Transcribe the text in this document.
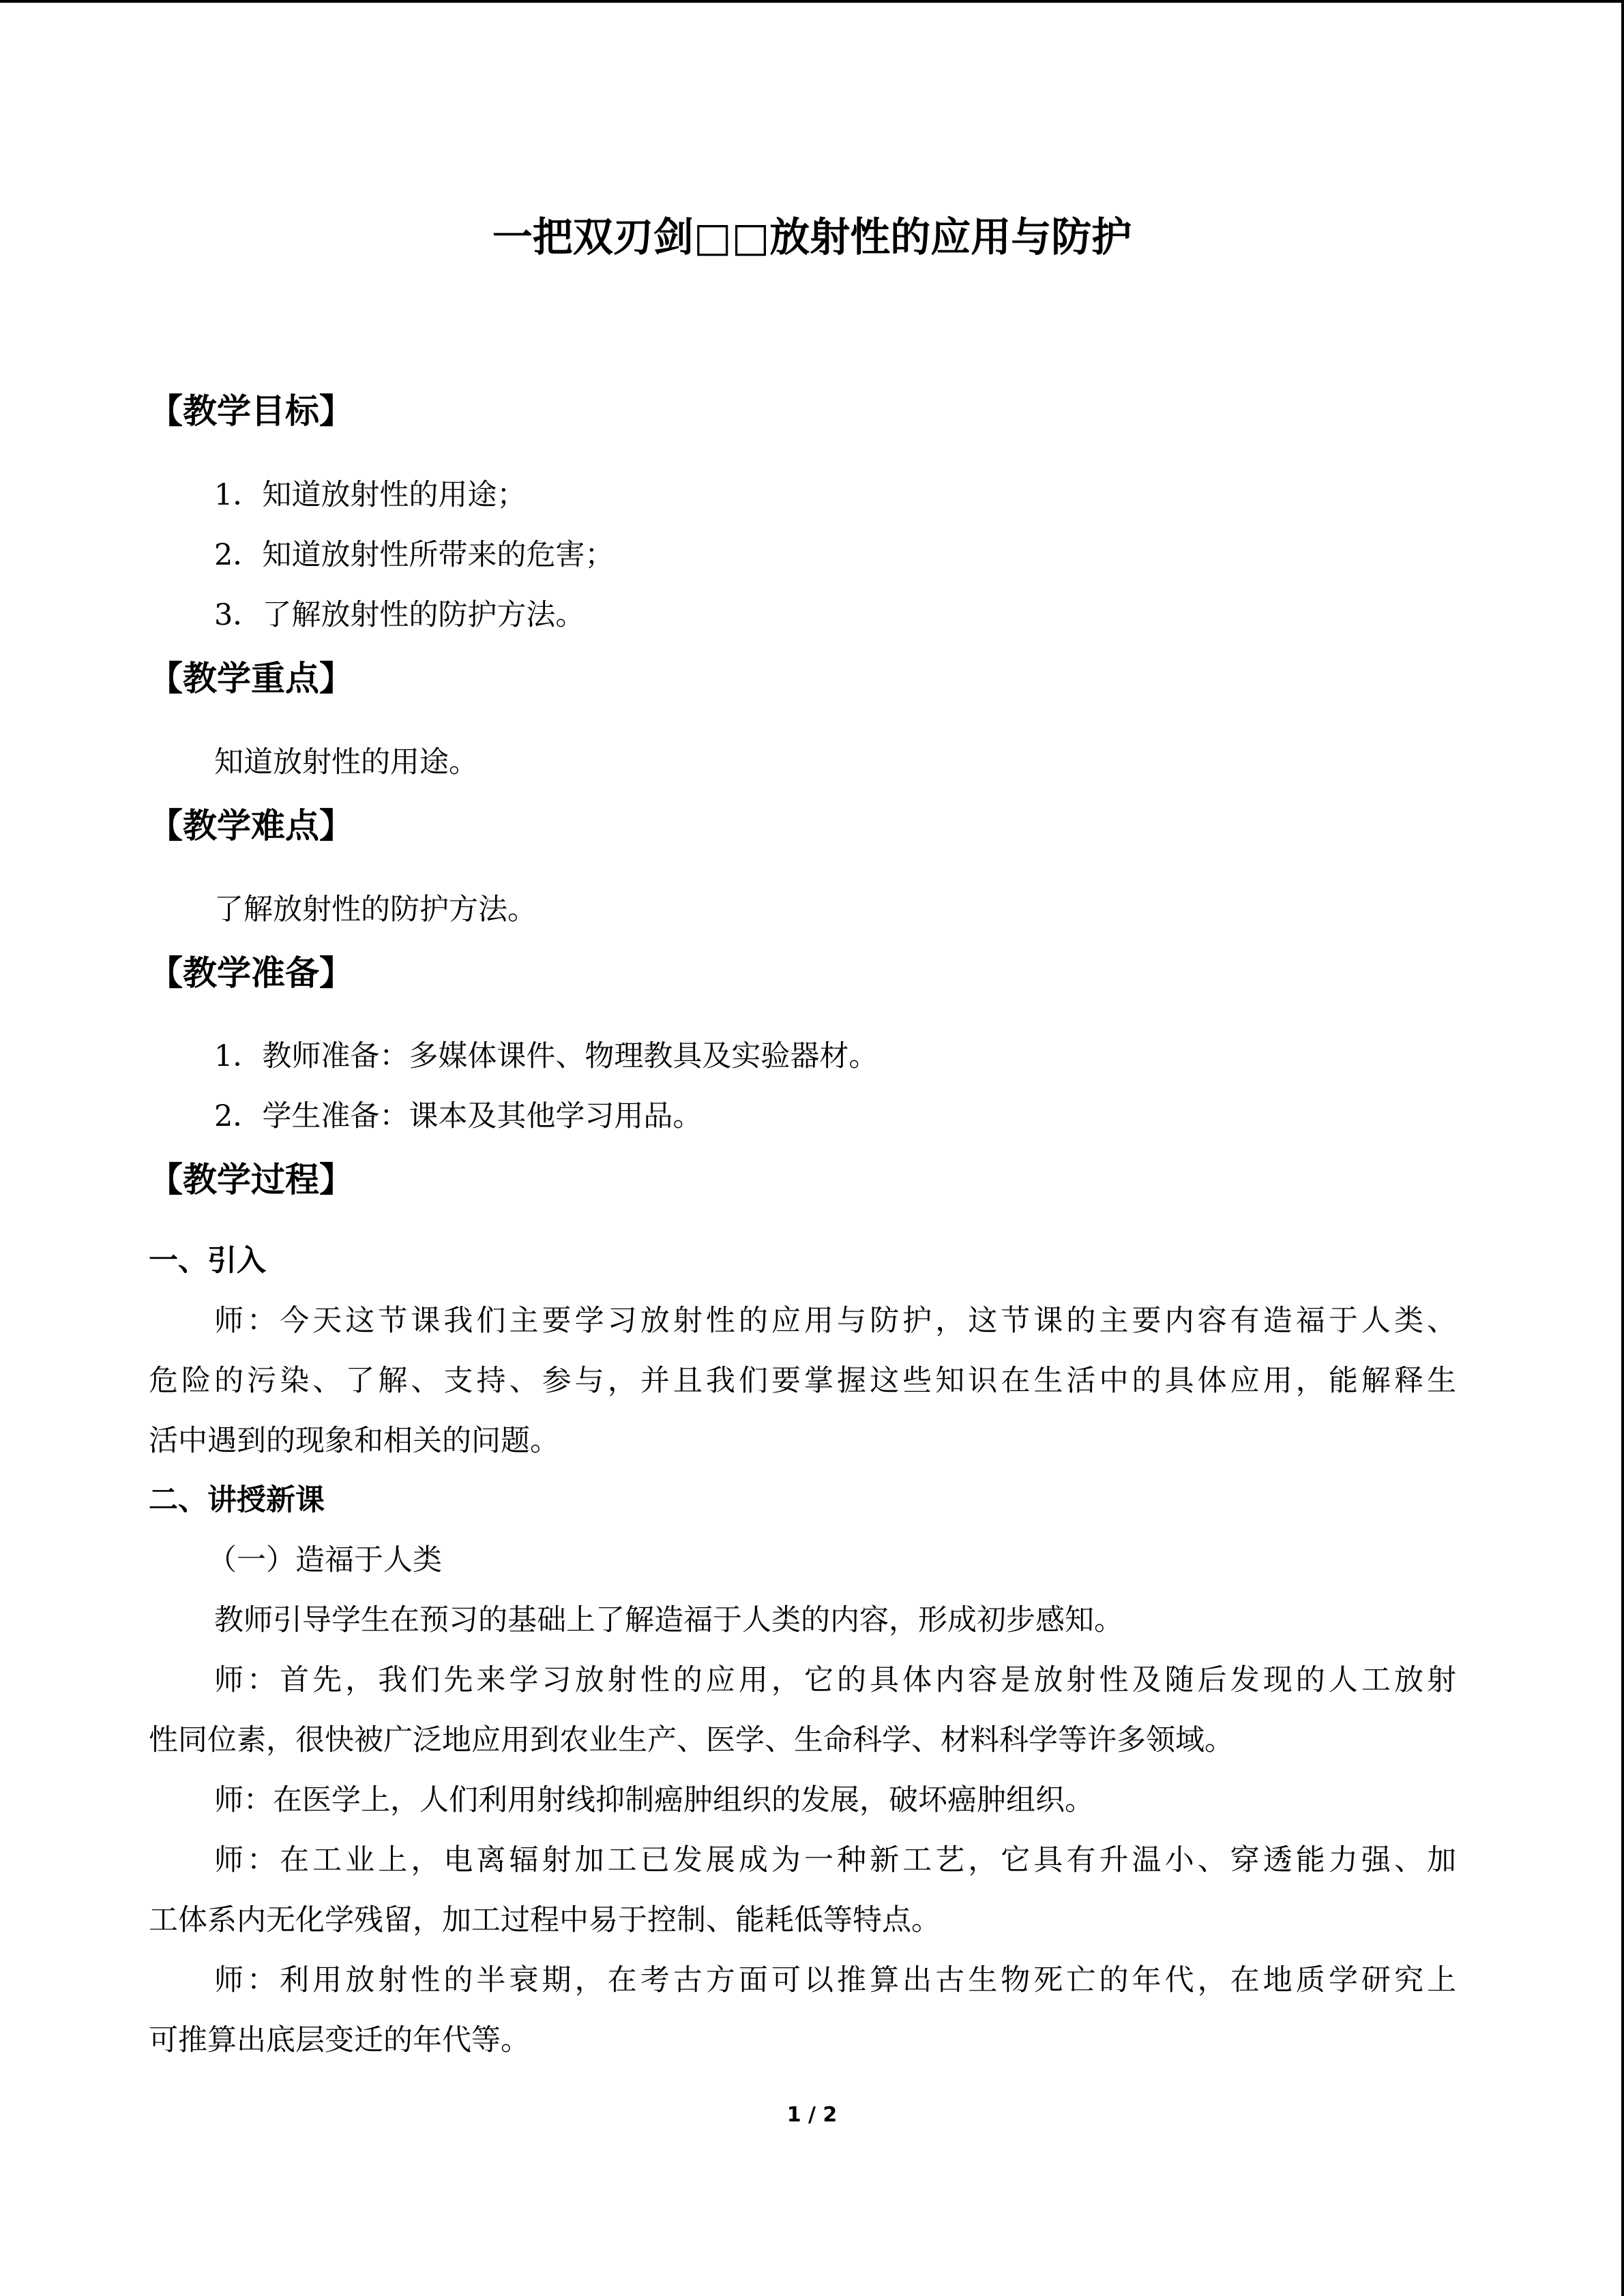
一把双刃剑□□放射性的应用与防护
【教学目标】
1．知道放射性的用途；
2．知道放射性所带来的危害；
3．了解放射性的防护方法。
【教学重点】
知道放射性的用途。
【教学难点】
了解放射性的防护方法。
【教学准备】
1．教师准备：多媒体课件、物理教具及实验器材。
2．学生准备：课本及其他学习用品。
【教学过程】
一、引入
师：今天这节课我们主要学习放射性的应用与防护，这节课的主要内容有造福于人类、
危险的污染、了解、支持、参与，并且我们要掌握这些知识在生活中的具体应用，能解释生
活中遇到的现象和相关的问题。
二、讲授新课
（一）造福于人类
教师引导学生在预习的基础上了解造福于人类的内容，形成初步感知。
师：首先，我们先来学习放射性的应用，它的具体内容是放射性及随后发现的人工放射
性同位素，很快被广泛地应用到农业生产、医学、生命科学、材料科学等许多领域。
师：在医学上，人们利用射线抑制癌肿组织的发展，破坏癌肿组织。
师：在工业上，电离辐射加工已发展成为一种新工艺，它具有升温小、穿透能力强、加
工体系内无化学残留，加工过程中易于控制、能耗低等特点。
师：利用放射性的半衰期，在考古方面可以推算出古生物死亡的年代，在地质学研究上
可推算出底层变迁的年代等。
1 / 2
